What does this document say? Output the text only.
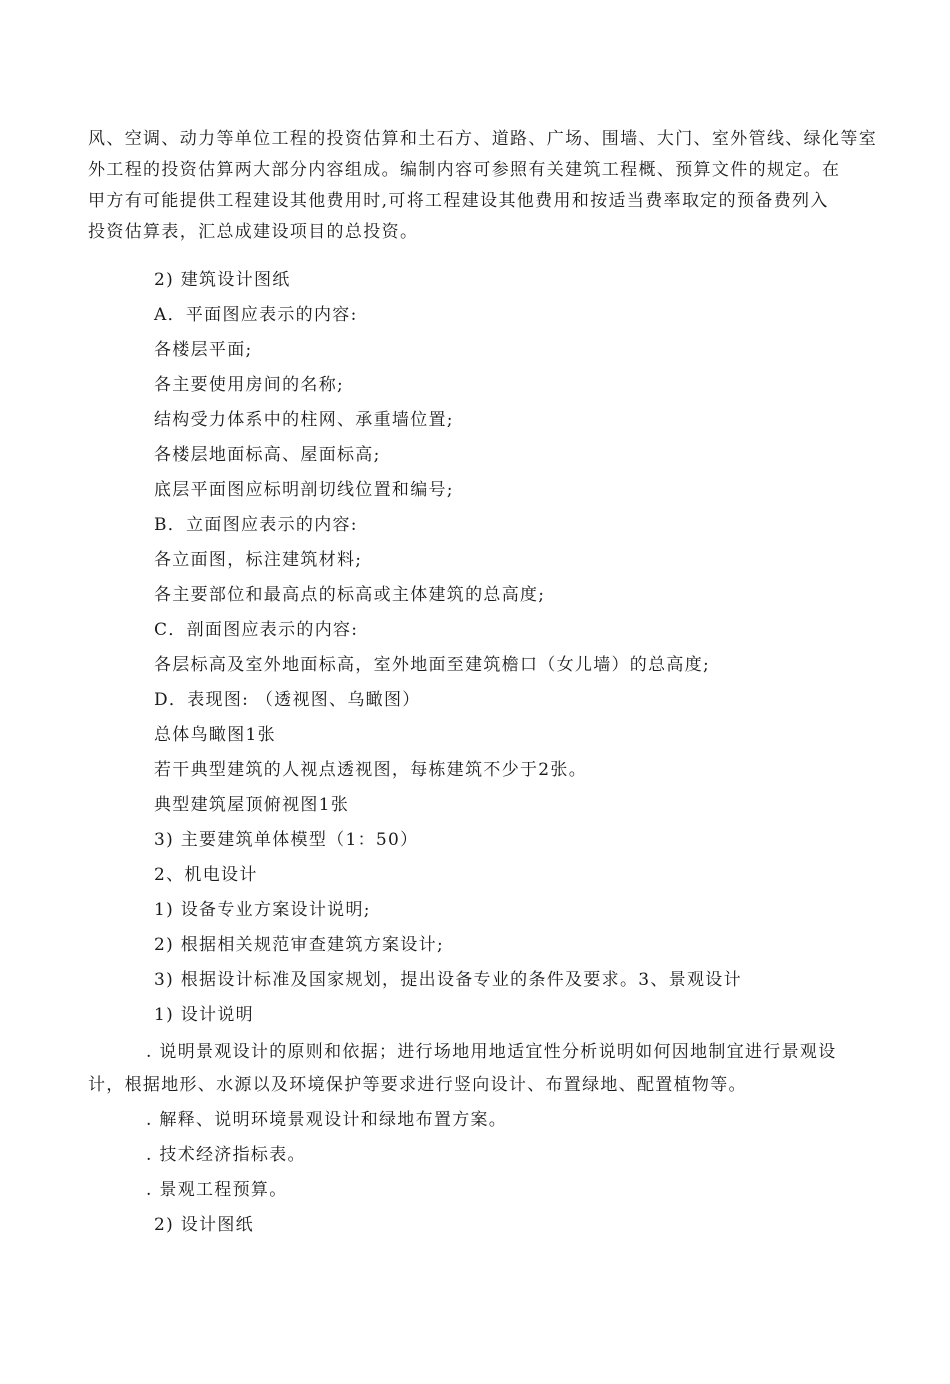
风、空调、动力等单位工程的投资估算和土石方、道路、广场、围墙、大门、室外管线、绿化等室
外工程的投资估算两大部分内容组成。编制内容可参照有关建筑工程概、预算文件的规定。在
甲方有可能提供工程建设其他费用时,可将工程建设其他费用和按适当费率取定的预备费列入
投资估算表，汇总成建设项目的总投资。
2) 建筑设计图纸
A．平面图应表示的内容:
各楼层平面;
各主要使用房间的名称;
结构受力体系中的柱网、承重墙位置;
各楼层地面标高、屋面标高;
底层平面图应标明剖切线位置和编号;
B．立面图应表示的内容:
各立面图，标注建筑材料;
各主要部位和最高点的标高或主体建筑的总高度;
C．剖面图应表示的内容:
各层标高及室外地面标高，室外地面至建筑檐口（女儿墙）的总高度;
D．表现图: （透视图、乌瞰图）
总体鸟瞰图1张
若干典型建筑的人视点透视图，每栋建筑不少于2张。
典型建筑屋顶俯视图1张
3) 主要建筑单体模型（1：50）
2、机电设计
1) 设备专业方案设计说明;
2) 根据相关规范审查建筑方案设计;
3) 根据设计标准及国家规划，提出设备专业的条件及要求。3、景观设计
1) 设计说明
. 说明景观设计的原则和依据；进行场地用地适宜性分析说明如何因地制宜进行景观设
计，根据地形、水源以及环境保护等要求进行竖向设计、布置绿地、配置植物等。
. 解释、说明环境景观设计和绿地布置方案。
. 技术经济指标表。
. 景观工程预算。
2) 设计图纸
